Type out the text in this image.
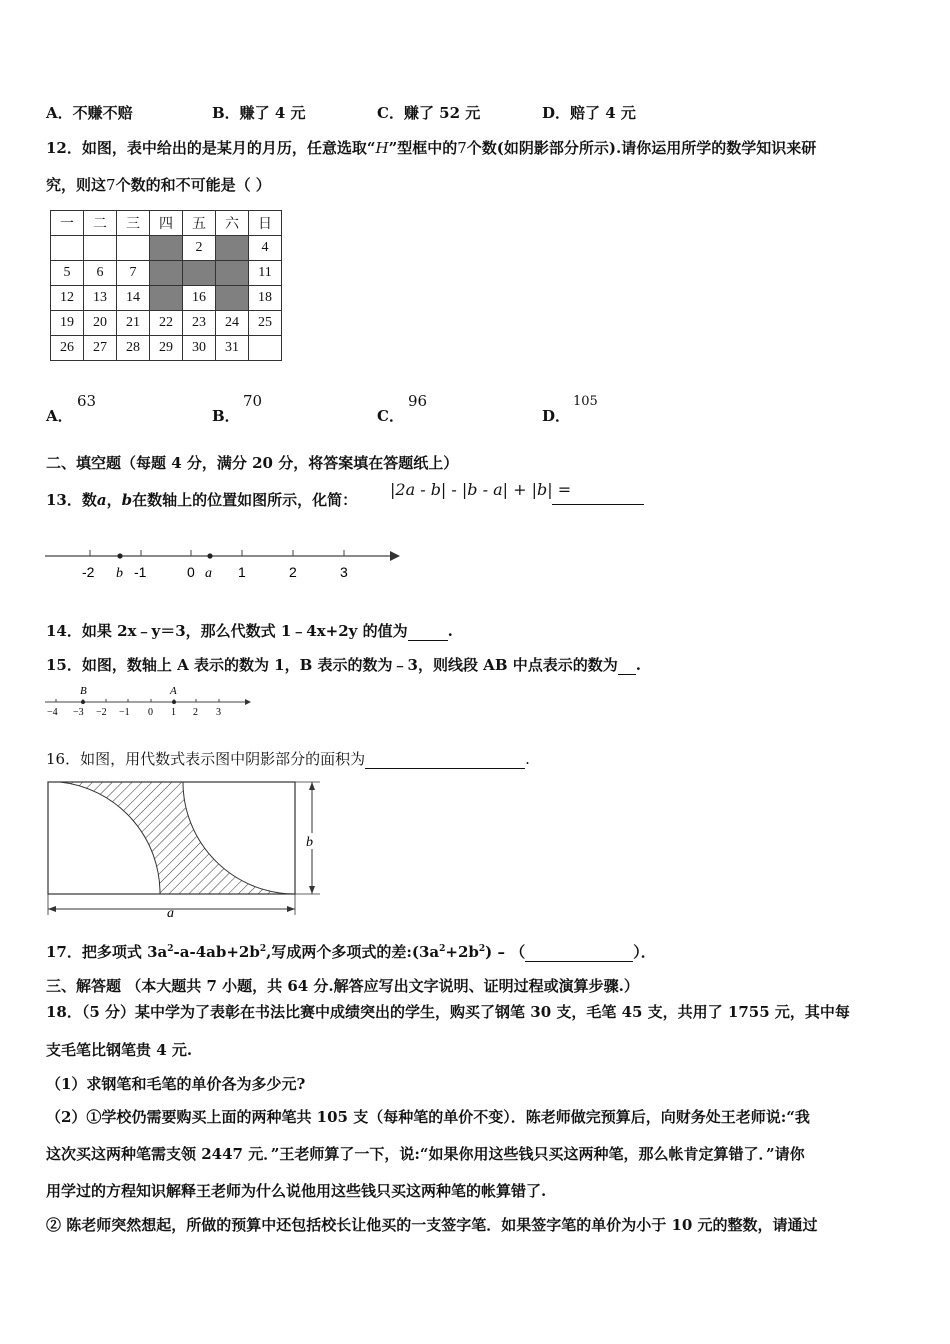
A．不赚不赔	B．赚了 4 元	C．赚了 52 元	D．赔了 4 元
12．如图，表中给出的是某月的月历，任意选取“H”型框中的7个数(如阴影部分所示).请你运用所学的数学知识来研
究，则这7个数的和不可能是（ ）
一	二	三	四	五	六	日
				2		4
5	6	7				11
12	13	14		16		18
19	20	21	22	23	24	25
26	27	28	29	30	31	
A．
63
B．
70
C．
96
D．
105
二、填空题（每题 4 分，满分 20 分，将答案填在答题纸上）
13．数a，b在数轴上的位置如图所示，化简：
|2a - b| - |b - a| + |b| =
-2 b -1	0 a 1	2	3
14．如果 2x﹣y＝3，那么代数式 1﹣4x+2y 的值为	.
15．如图，数轴上 A 表示的数为 1，B 表示的数为﹣3，则线段 AB 中点表示的数为 .
B	A
−4 −3 −2 −1 0 1 2 3
16．如图，用代数式表示图中阴影部分的面积为	.
a
b
17．把多项式 $3a^2-a-4ab+2b^2$,写成两个多项式的差$:(3a^2+2b^2)$ – （	）．
三、解答题 （本大题共 7 小题，共 64 分.解答应写出文字说明、证明过程或演算步骤.）
18．（5 分）某中学为了表彰在书法比赛中成绩突出的学生，购买了钢笔 30 支，毛笔 45 支，共用了 1755 元，其中每
支毛笔比钢笔贵 4 元.
（1）求钢笔和毛笔的单价各为多少元?
（2）①学校仍需要购买上面的两种笔共 105 支（每种笔的单价不变）．陈老师做完预算后，向财务处王老师说:“我
这次买这两种笔需支领 2447 元．”王老师算了一下，说:“如果你用这些钱只买这两种笔，那么帐肯定算错了．”请你
用学过的方程知识解释王老师为什么说他用这些钱只买这两种笔的帐算错了.
② 陈老师突然想起，所做的预算中还包括校长让他买的一支签字笔．如果签字笔的单价为小于 10 元的整数，请通过
